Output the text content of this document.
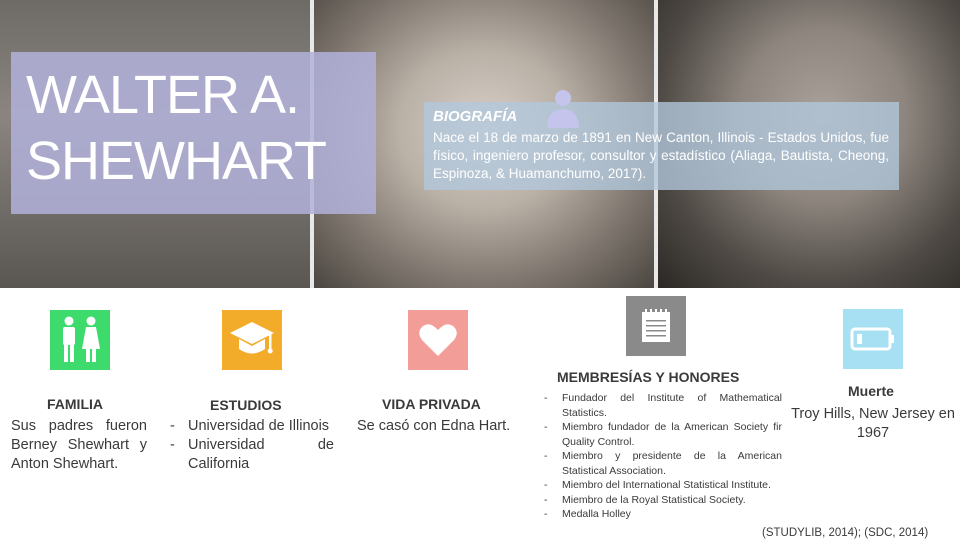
WALTER A. SHEWHART
BIOGRAFÍA
Nace el 18 de marzo de 1891 en New Canton, Illinois - Estados Unidos, fue físico, ingeniero profesor, consultor y estadístico (Aliaga, Bautista, Cheong, Espinoza, & Huamanchumo, 2017).
FAMILIA
Sus padres fueron Berney Shewhart y Anton Shewhart.
ESTUDIOS
- Universidad de Illinois
- Universidad de California
VIDA PRIVADA
Se casó con Edna Hart.
MEMBRESÍAS Y HONORES
- Fundador del Institute of Mathematical Statistics.
- Miembro fundador de la American Society fir Quality Control.
- Miembro y presidente de la American Statistical Association.
- Miembro del International Statistical Institute.
- Miembro de la Royal Statistical Society.
- Medalla Holley
Muerte
Troy Hills, New Jersey en 1967
(STUDYLIB, 2014); (SDC, 2014)
